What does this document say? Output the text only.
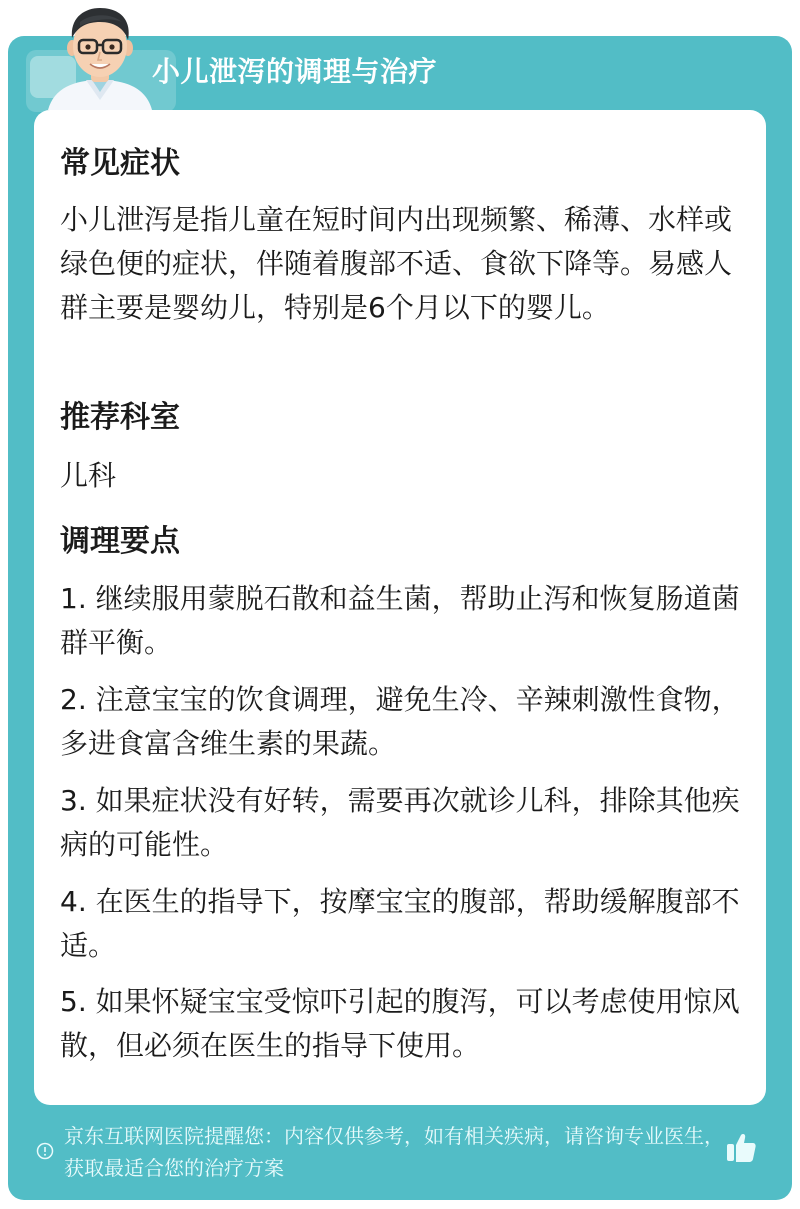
小儿泄泻的调理与治疗
常见症状
小儿泄泻是指儿童在短时间内出现频繁、稀薄、水样或绿色便的症状，伴随着腹部不适、食欲下降等。易感人群主要是婴幼儿，特别是6个月以下的婴儿。
推荐科室
儿科
调理要点
1. 继续服用蒙脱石散和益生菌，帮助止泻和恢复肠道菌群平衡。
2. 注意宝宝的饮食调理，避免生冷、辛辣刺激性食物，多进食富含维生素的果蔬。
3. 如果症状没有好转，需要再次就诊儿科，排除其他疾病的可能性。
4. 在医生的指导下，按摩宝宝的腹部，帮助缓解腹部不适。
5. 如果怀疑宝宝受惊吓引起的腹泻，可以考虑使用惊风散，但必须在医生的指导下使用。
京东互联网医院提醒您：内容仅供参考，如有相关疾病，请咨询专业医生，获取最适合您的治疗方案
